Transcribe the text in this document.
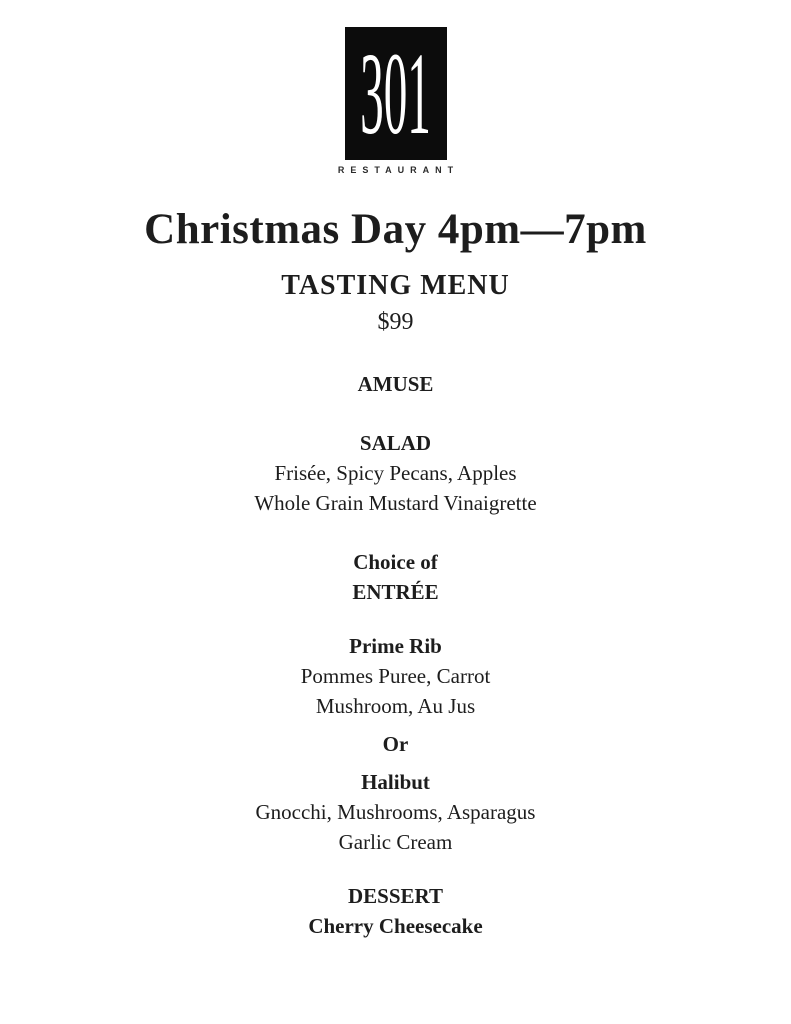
301
RESTAURANT
Christmas Day 4pm—7pm
TASTING MENU
$99
AMUSE
SALAD
Frisée, Spicy Pecans, Apples
Whole Grain Mustard Vinaigrette
Choice of
ENTRÉE
Prime Rib
Pommes Puree, Carrot
Mushroom, Au Jus
Or
Halibut
Gnocchi, Mushrooms, Asparagus
Garlic Cream
DESSERT
Cherry Cheesecake
